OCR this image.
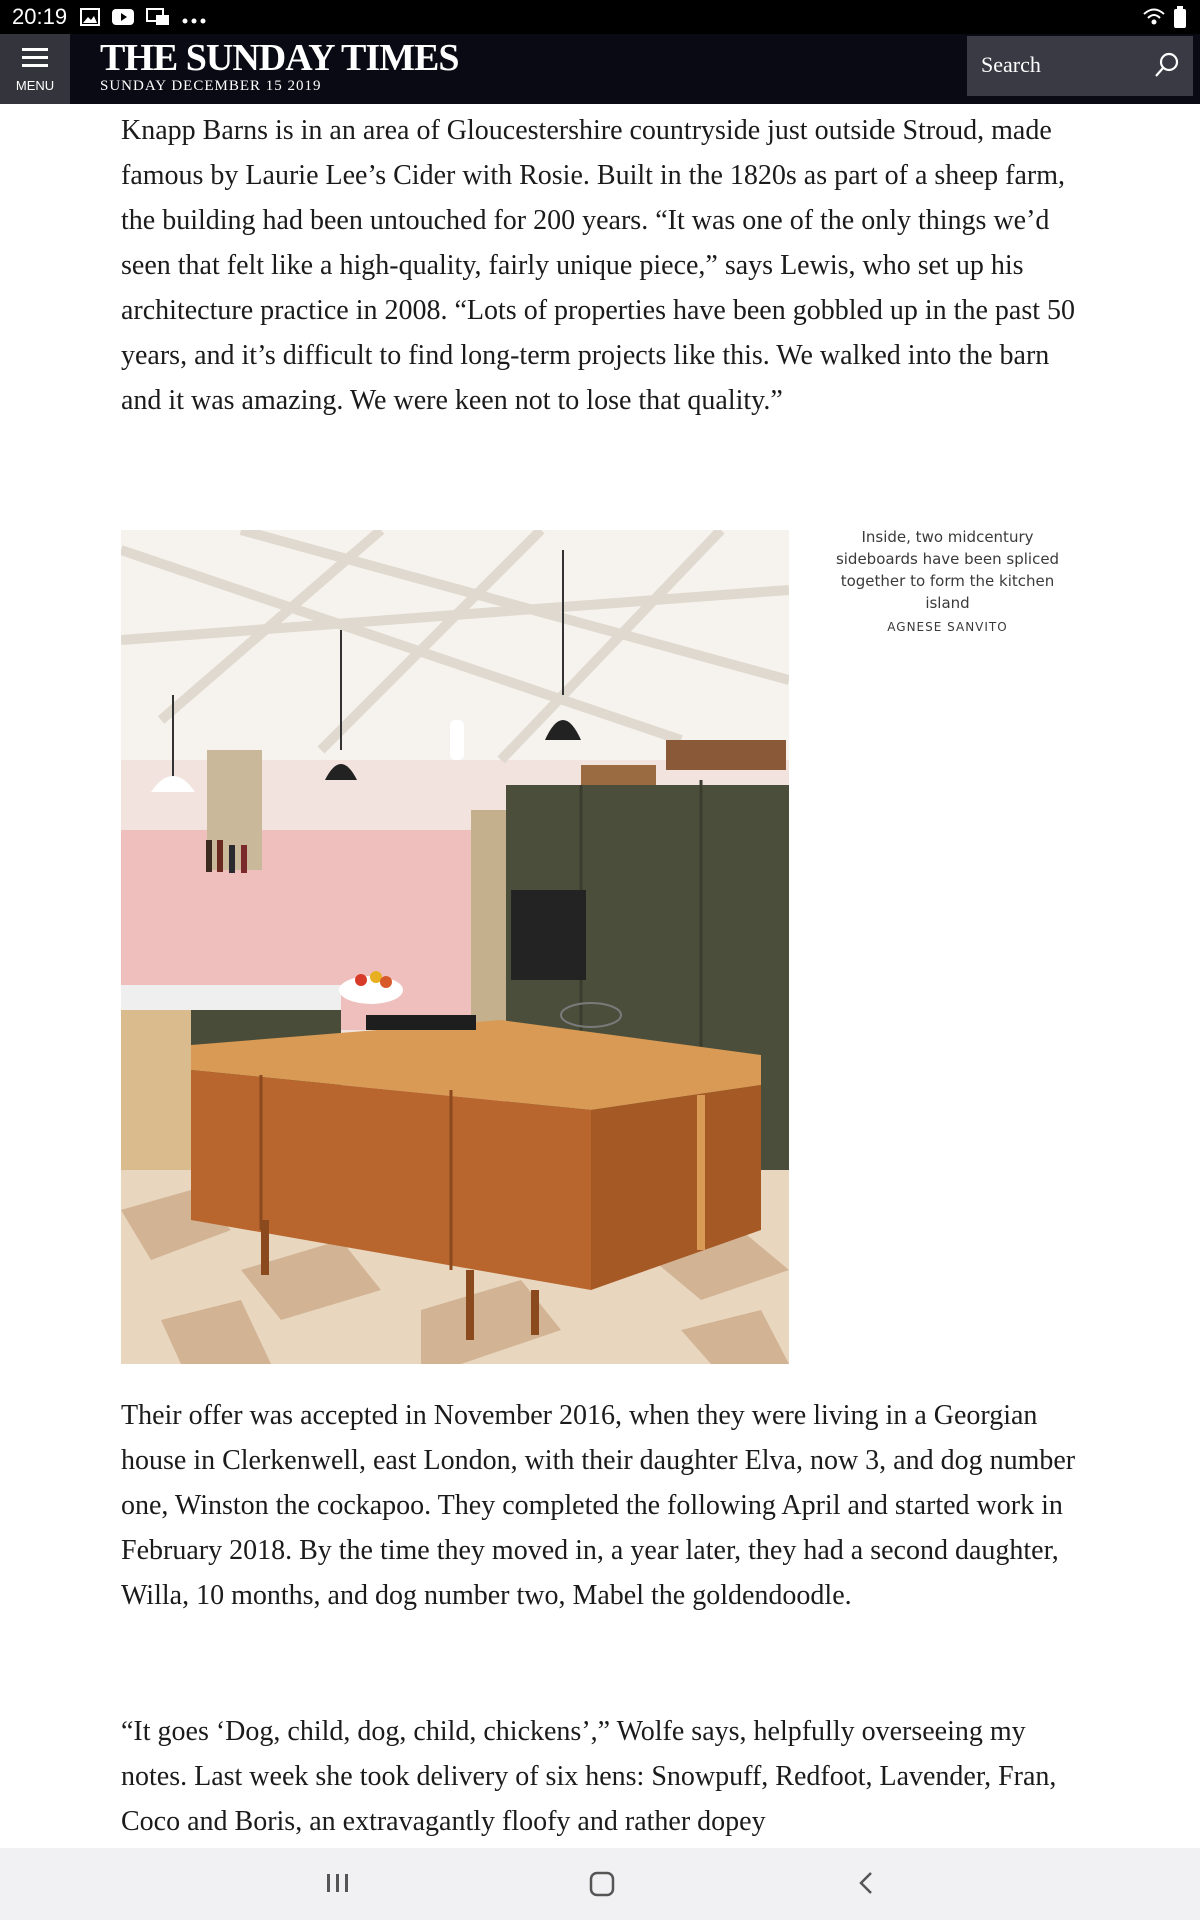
20:19
MENU
THE SUNDAY TIMES
SUNDAY DECEMBER 15 2019
Search

Knapp Barns is in an area of Gloucestershire countryside just outside Stroud, made famous by Laurie Lee’s Cider with Rosie. Built in the 1820s as part of a sheep farm, the building had been untouched for 200 years. “It was one of the only things we’d seen that felt like a high-quality, fairly unique piece,” says Lewis, who set up his architecture practice in 2008. “Lots of properties have been gobbled up in the past 50 years, and it’s difficult to find long-term projects like this. We walked into the barn and it was amazing. We were keen not to lose that quality.”

Inside, two midcentury sideboards have been spliced together to form the kitchen island
AGNESE SANVITO

Their offer was accepted in November 2016, when they were living in a Georgian house in Clerkenwell, east London, with their daughter Elva, now 3, and dog number one, Winston the cockapoo. They completed the following April and started work in February 2018. By the time they moved in, a year later, they had a second daughter, Willa, 10 months, and dog number two, Mabel the goldendoodle.

“It goes ‘Dog, child, dog, child, chickens’,” Wolfe says, helpfully overseeing my notes. Last week she took delivery of six hens: Snowpuff, Redfoot, Lavender, Fran, Coco and Boris, an extravagantly floofy and rather dopey
